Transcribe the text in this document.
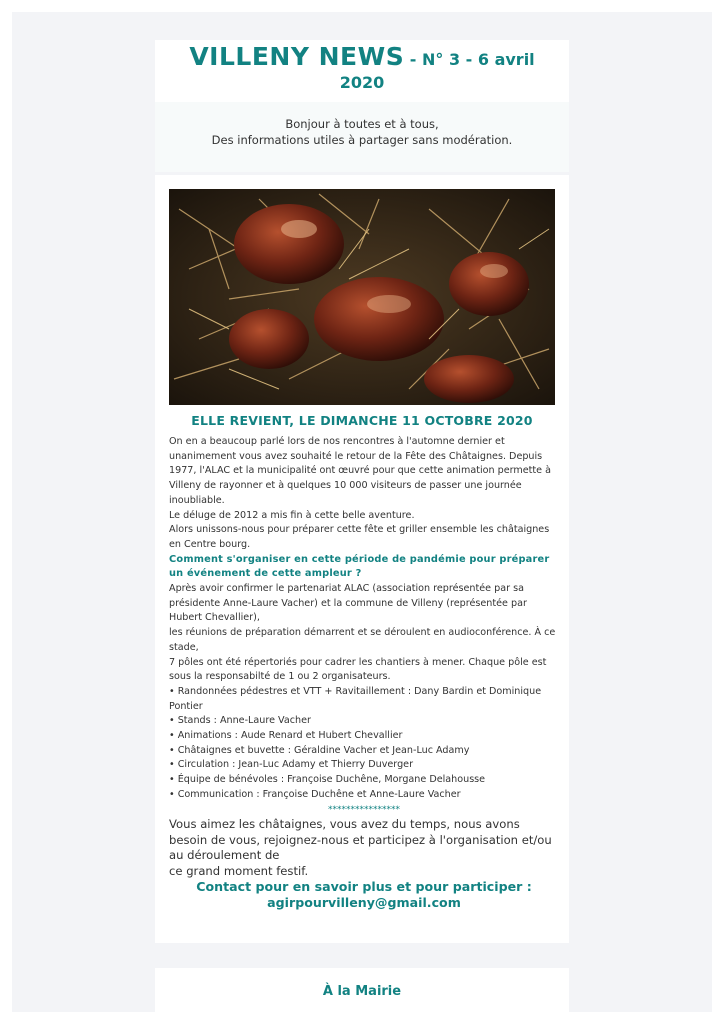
VILLENY NEWS - N° 3 - 6 avril
2020
Bonjour à toutes et à tous,
Des informations utiles à partager sans modération.
ELLE REVIENT, LE DIMANCHE 11 OCTOBRE 2020

On en a beaucoup parlé lors de nos rencontres à l'automne dernier et unanimement vous avez souhaité le retour de la Fête des Châtaignes. Depuis 1977, l'ALAC et la municipalité ont œuvré pour que cette animation permette à Villeny de rayonner et à quelques 10 000 visiteurs de passer une journée inoubliable.

Le déluge de 2012 a mis fin à cette belle aventure.

Alors unissons-nous pour préparer cette fête et griller ensemble les châtaignes en Centre bourg.

Comment s'organiser en cette période de pandémie pour préparer un événement de cette ampleur ?

Après avoir confirmer le partenariat ALAC (association représentée par sa présidente Anne-Laure Vacher) et la commune de Villeny (représentée par Hubert Chevallier),

les réunions de préparation démarrent et se déroulent en audioconférence. À ce stade,

7 pôles ont été répertoriés pour cadrer les chantiers à mener. Chaque pôle est sous la responsabilté de 1 ou 2 organisateurs.

• Randonnées pédestres et VTT + Ravitaillement : Dany Bardin et Dominique Pontier

• Stands : Anne-Laure Vacher

• Animations : Aude Renard et Hubert Chevallier

• Châtaignes et buvette : Géraldine Vacher et Jean-Luc Adamy

• Circulation : Jean-Luc Adamy et Thierry Duverger

• Équipe de bénévoles : Françoise Duchêne, Morgane Delahousse

• Communication : Françoise Duchêne et Anne-Laure Vacher

****************

Vous aimez les châtaignes, vous avez du temps, nous avons besoin de vous, rejoignez-nous et participez à l'organisation et/ou au déroulement de

ce grand moment festif.

Contact pour en savoir plus et pour participer :

agirpourvilleny@gmail.com

À la Mairie
